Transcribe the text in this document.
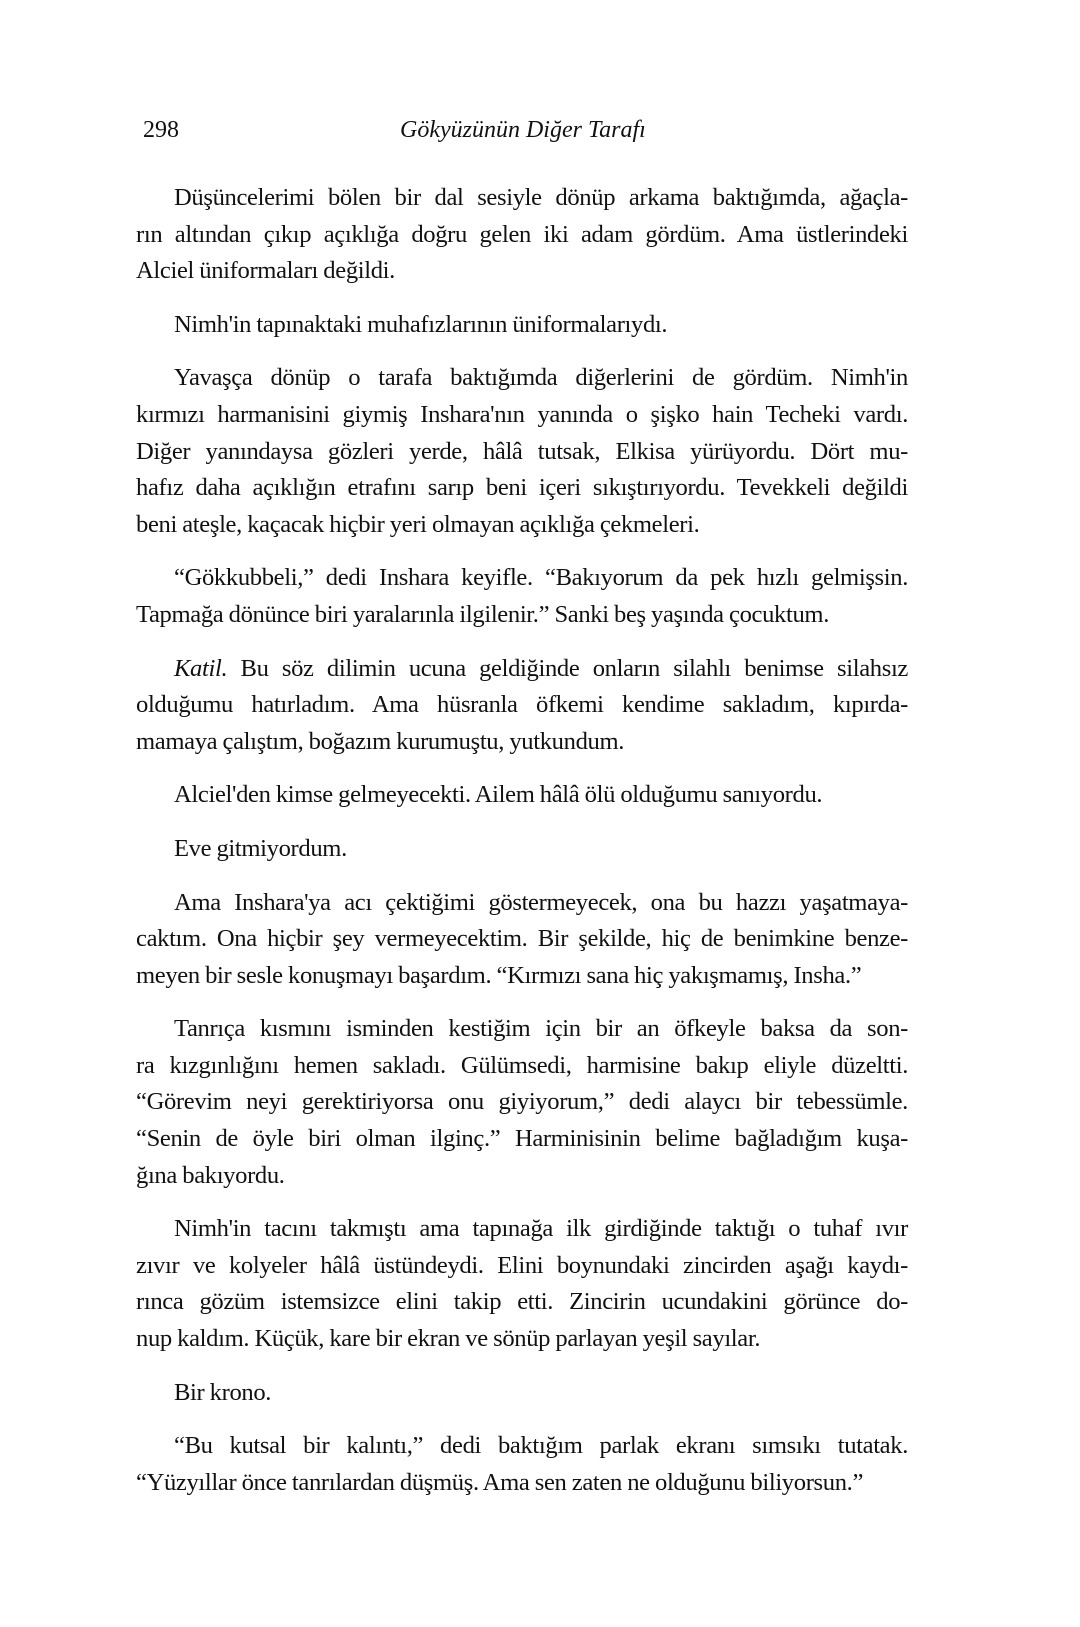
298	Gökyüzünün Diğer Tarafı

Düşüncelerimi bölen bir dal sesiyle dönüp arkama baktığımda, ağaçla-
rın altından çıkıp açıklığa doğru gelen iki adam gördüm. Ama üstlerindeki
Alciel üniformaları değildi.

Nimh'in tapınaktaki muhafızlarının üniformalarıydı.

Yavaşça dönüp o tarafa baktığımda diğerlerini de gördüm. Nimh'in
kırmızı harmanisini giymiş Inshara'nın yanında o şişko hain Techeki vardı.
Diğer yanındaysa gözleri yerde, hâlâ tutsak, Elkisa yürüyordu. Dört mu-
hafız daha açıklığın etrafını sarıp beni içeri sıkıştırıyordu. Tevekkeli değildi
beni ateşle, kaçacak hiçbir yeri olmayan açıklığa çekmeleri.

“Gökkubbeli,” dedi Inshara keyifle. “Bakıyorum da pek hızlı gelmişsin.
Tapmağa dönünce biri yaralarınla ilgilenir.” Sanki beş yaşında çocuktum.

Katil. Bu söz dilimin ucuna geldiğinde onların silahlı benimse silahsız
olduğumu hatırladım. Ama hüsranla öfkemi kendime sakladım, kıpırda-
mamaya çalıştım, boğazım kurumuştu, yutkundum.

Alciel'den kimse gelmeyecekti. Ailem hâlâ ölü olduğumu sanıyordu.

Eve gitmiyordum.

Ama Inshara'ya acı çektiğimi göstermeyecek, ona bu hazzı yaşatmaya-
caktım. Ona hiçbir şey vermeyecektim. Bir şekilde, hiç de benimkine benze-
meyen bir sesle konuşmayı başardım. “Kırmızı sana hiç yakışmamış, Insha.”

Tanrıça kısmını isminden kestiğim için bir an öfkeyle baksa da son-
ra kızgınlığını hemen sakladı. Gülümsedi, harmisine bakıp eliyle düzeltti.
“Görevim neyi gerektiriyorsa onu giyiyorum,” dedi alaycı bir tebessümle.
“Senin de öyle biri olman ilginç.” Harminisinin belime bağladığım kuşa-
ğına bakıyordu.

Nimh'in tacını takmıştı ama tapınağa ilk girdiğinde taktığı o tuhaf ıvır
zıvır ve kolyeler hâlâ üstündeydi. Elini boynundaki zincirden aşağı kaydı-
rınca gözüm istemsizce elini takip etti. Zincirin ucundakini görünce do-
nup kaldım. Küçük, kare bir ekran ve sönüp parlayan yeşil sayılar.

Bir krono.

“Bu kutsal bir kalıntı,” dedi baktığım parlak ekranı sımsıkı tutatak.
“Yüzyıllar önce tanrılardan düşmüş. Ama sen zaten ne olduğunu biliyorsun.”
